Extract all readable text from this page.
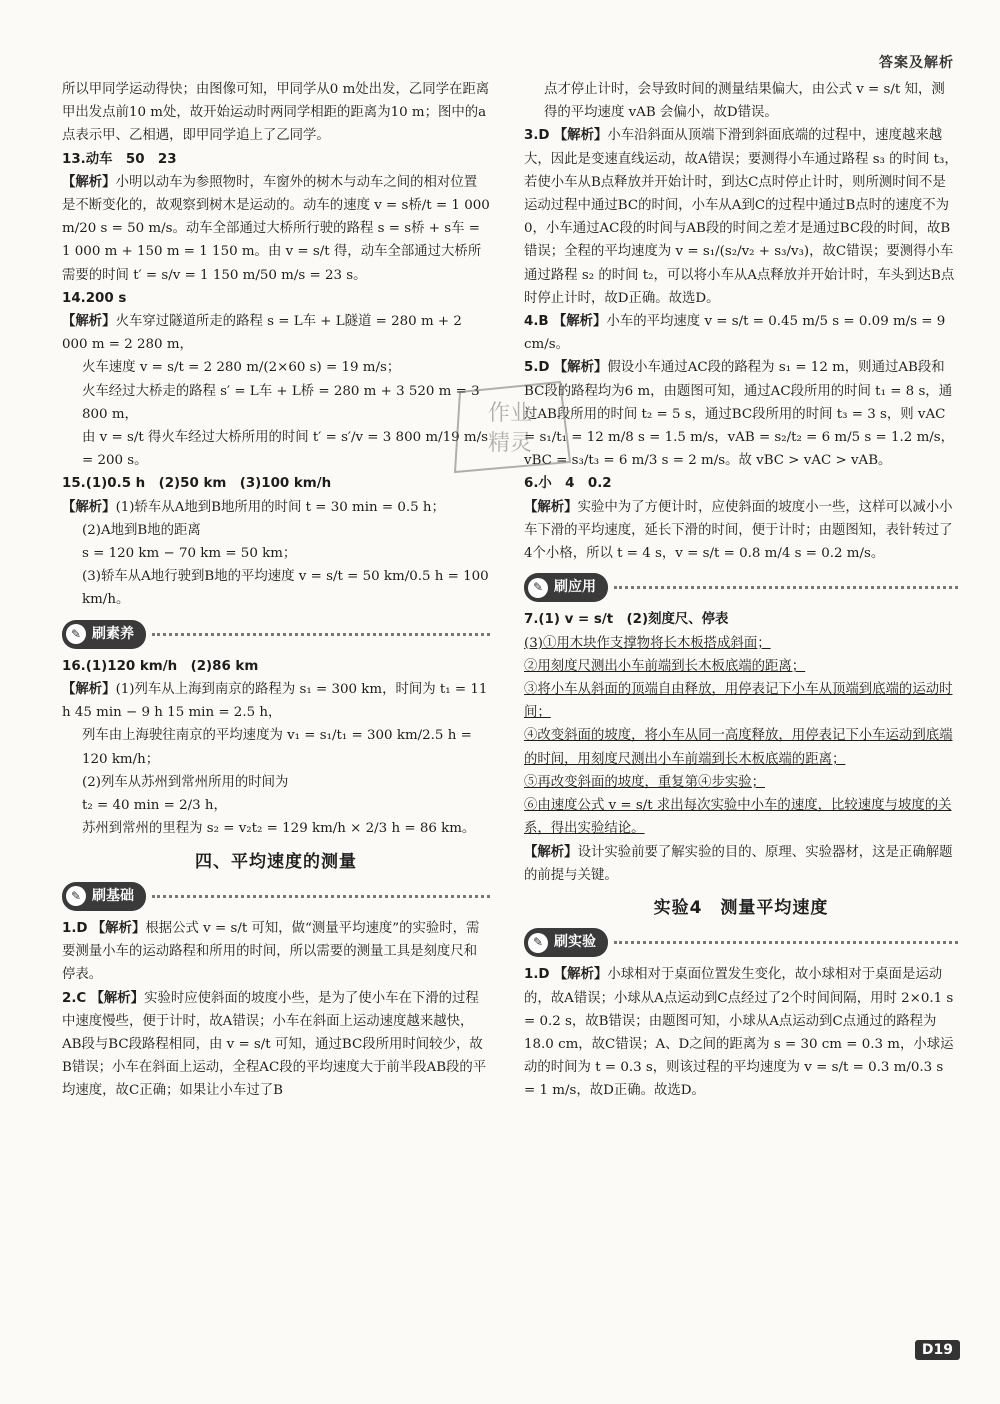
答案及解析

所以甲同学运动得快；由图像可知，甲同学从0 m处出发，乙同学在距离甲出发点前10 m处，故开始运动时两同学相距的距离为10 m；图中的a点表示甲、乙相遇，即甲同学追上了乙同学。

13.动车　50　23

【解析】小明以动车为参照物时，车窗外的树木与动车之间的相对位置是不断变化的，故观察到树木是运动的。动车的速度 v = s桥/t = 1 000 m/20 s = 50 m/s。动车全部通过大桥所行驶的路程 s = s桥 + s车 = 1 000 m + 150 m = 1 150 m。由 v = s/t 得，动车全部通过大桥所需要的时间 t′ = s/v = 1 150 m/50 m/s = 23 s。

14.200 s

【解析】火车穿过隧道所走的路程 s = L车 + L隧道 = 280 m + 2 000 m = 2 280 m，

火车速度 v = s/t = 2 280 m/(2×60 s) = 19 m/s；

火车经过大桥走的路程 s′ = L车 + L桥 = 280 m + 3 520 m = 3 800 m，

由 v = s/t 得火车经过大桥所用的时间 t′ = s′/v = 3 800 m/19 m/s = 200 s。

15.(1)0.5 h　(2)50 km　(3)100 km/h

【解析】(1)轿车从A地到B地所用的时间 t = 30 min = 0.5 h；

(2)A地到B地的距离

s = 120 km − 70 km = 50 km；

(3)轿车从A地行驶到B地的平均速度 v = s/t = 50 km/0.5 h = 100 km/h。

✎ 刷素养

16.(1)120 km/h　(2)86 km

【解析】(1)列车从上海到南京的路程为 s₁ = 300 km，时间为 t₁ = 11 h 45 min − 9 h 15 min = 2.5 h，

列车由上海驶往南京的平均速度为 v₁ = s₁/t₁ = 300 km/2.5 h = 120 km/h；

(2)列车从苏州到常州所用的时间为

t₂ = 40 min = 2/3 h，

苏州到常州的里程为 s₂ = v₂t₂ = 129 km/h × 2/3 h = 86 km。

四、平均速度的测量
✎ 刷基础

1.D 【解析】根据公式 v = s/t 可知，做“测量平均速度”的实验时，需要测量小车的运动路程和所用的时间，所以需要的测量工具是刻度尺和停表。

2.C 【解析】实验时应使斜面的坡度小些，是为了使小车在下滑的过程中速度慢些，便于计时，故A错误；小车在斜面上运动速度越来越快，AB段与BC段路程相同，由 v = s/t 可知，通过BC段所用时间较少，故B错误；小车在斜面上运动，全程AC段的平均速度大于前半段AB段的平均速度，故C正确；如果让小车过了B

点才停止计时，会导致时间的测量结果偏大，由公式 v = s/t 知，测得的平均速度 vAB 会偏小，故D错误。

3.D 【解析】小车沿斜面从顶端下滑到斜面底端的过程中，速度越来越大，因此是变速直线运动，故A错误；要测得小车通过路程 s₃ 的时间 t₃，若使小车从B点释放并开始计时，到达C点时停止计时，则所测时间不是运动过程中通过BC的时间，小车从A到C的过程中通过B点时的速度不为0，小车通过AC段的时间与AB段的时间之差才是通过BC段的时间，故B错误；全程的平均速度为 v = s₁/(s₂/v₂ + s₃/v₃)，故C错误；要测得小车通过路程 s₂ 的时间 t₂，可以将小车从A点释放并开始计时，车头到达B点时停止计时，故D正确。故选D。

4.B 【解析】小车的平均速度 v = s/t = 0.45 m/5 s = 0.09 m/s = 9 cm/s。

5.D 【解析】假设小车通过AC段的路程为 s₁ = 12 m，则通过AB段和BC段的路程均为6 m，由题图可知，通过AC段所用的时间 t₁ = 8 s，通过AB段所用的时间 t₂ = 5 s，通过BC段所用的时间 t₃ = 3 s，则 vAC = s₁/t₁ = 12 m/8 s = 1.5 m/s，vAB = s₂/t₂ = 6 m/5 s = 1.2 m/s，vBC = s₃/t₃ = 6 m/3 s = 2 m/s。故 vBC > vAC > vAB。

6.小　4　0.2

【解析】实验中为了方便计时，应使斜面的坡度小一些，这样可以减小小车下滑的平均速度，延长下滑的时间，便于计时；由题图知，表针转过了4个小格，所以 t = 4 s，v = s/t = 0.8 m/4 s = 0.2 m/s。

✎ 刷应用

7.(1) v = s/t　(2)刻度尺、停表

(3)①用木块作支撑物将长木板搭成斜面；

②用刻度尺测出小车前端到长木板底端的距离；

③将小车从斜面的顶端自由释放，用停表记下小车从顶端到底端的运动时间；

④改变斜面的坡度，将小车从同一高度释放，用停表记下小车运动到底端的时间，用刻度尺测出小车前端到长木板底端的距离；

⑤再改变斜面的坡度，重复第④步实验；

⑥由速度公式 v = s/t 求出每次实验中小车的速度，比较速度与坡度的关系，得出实验结论。

【解析】设计实验前要了解实验的目的、原理、实验器材，这是正确解题的前提与关键。

实验4　测量平均速度
✎ 刷实验

1.D 【解析】小球相对于桌面位置发生变化，故小球相对于桌面是运动的，故A错误；小球从A点运动到C点经过了2个时间间隔，用时 2×0.1 s = 0.2 s，故B错误；由题图可知，小球从A点运动到C点通过的路程为18.0 cm，故C错误；A、D之间的距离为 s = 30 cm = 0.3 m，小球运动的时间为 t = 0.3 s，则该过程的平均速度为 v = s/t = 0.3 m/0.3 s = 1 m/s，故D正确。故选D。

作业
精灵
D19
